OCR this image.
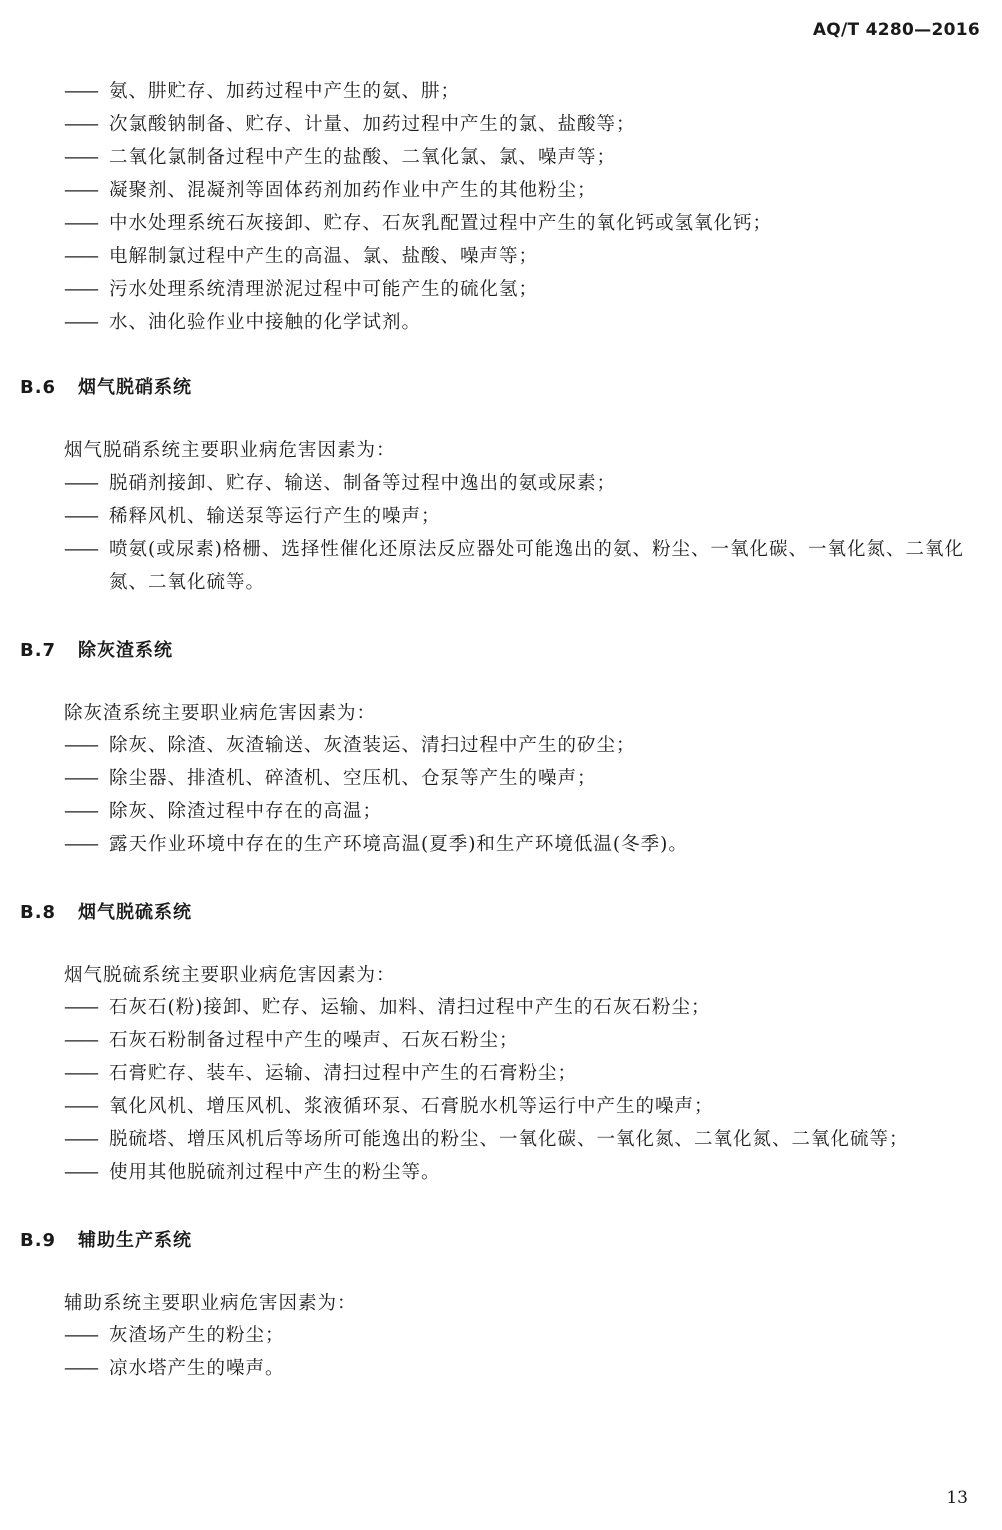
AQ/T 4280—2016
—— 氨、肼贮存、加药过程中产生的氨、肼；
—— 次氯酸钠制备、贮存、计量、加药过程中产生的氯、盐酸等；
—— 二氧化氯制备过程中产生的盐酸、二氧化氯、氯、噪声等；
—— 凝聚剂、混凝剂等固体药剂加药作业中产生的其他粉尘；
—— 中水处理系统石灰接卸、贮存、石灰乳配置过程中产生的氧化钙或氢氧化钙；
—— 电解制氯过程中产生的高温、氯、盐酸、噪声等；
—— 污水处理系统清理淤泥过程中可能产生的硫化氢；
—— 水、油化验作业中接触的化学试剂。
B.6 烟气脱硝系统
烟气脱硝系统主要职业病危害因素为：
—— 脱硝剂接卸、贮存、输送、制备等过程中逸出的氨或尿素；
—— 稀释风机、输送泵等运行产生的噪声；
—— 喷氨(或尿素)格栅、选择性催化还原法反应器处可能逸出的氨、粉尘、一氧化碳、一氧化氮、二氧化氮、二氧化硫等。
B.7 除灰渣系统
除灰渣系统主要职业病危害因素为：
—— 除灰、除渣、灰渣输送、灰渣装运、清扫过程中产生的矽尘；
—— 除尘器、排渣机、碎渣机、空压机、仓泵等产生的噪声；
—— 除灰、除渣过程中存在的高温；
—— 露天作业环境中存在的生产环境高温(夏季)和生产环境低温(冬季)。
B.8 烟气脱硫系统
烟气脱硫系统主要职业病危害因素为：
—— 石灰石(粉)接卸、贮存、运输、加料、清扫过程中产生的石灰石粉尘；
—— 石灰石粉制备过程中产生的噪声、石灰石粉尘；
—— 石膏贮存、装车、运输、清扫过程中产生的石膏粉尘；
—— 氧化风机、增压风机、浆液循环泵、石膏脱水机等运行中产生的噪声；
—— 脱硫塔、增压风机后等场所可能逸出的粉尘、一氧化碳、一氧化氮、二氧化氮、二氧化硫等；
—— 使用其他脱硫剂过程中产生的粉尘等。
B.9 辅助生产系统
辅助系统主要职业病危害因素为：
—— 灰渣场产生的粉尘；
—— 凉水塔产生的噪声。
13
